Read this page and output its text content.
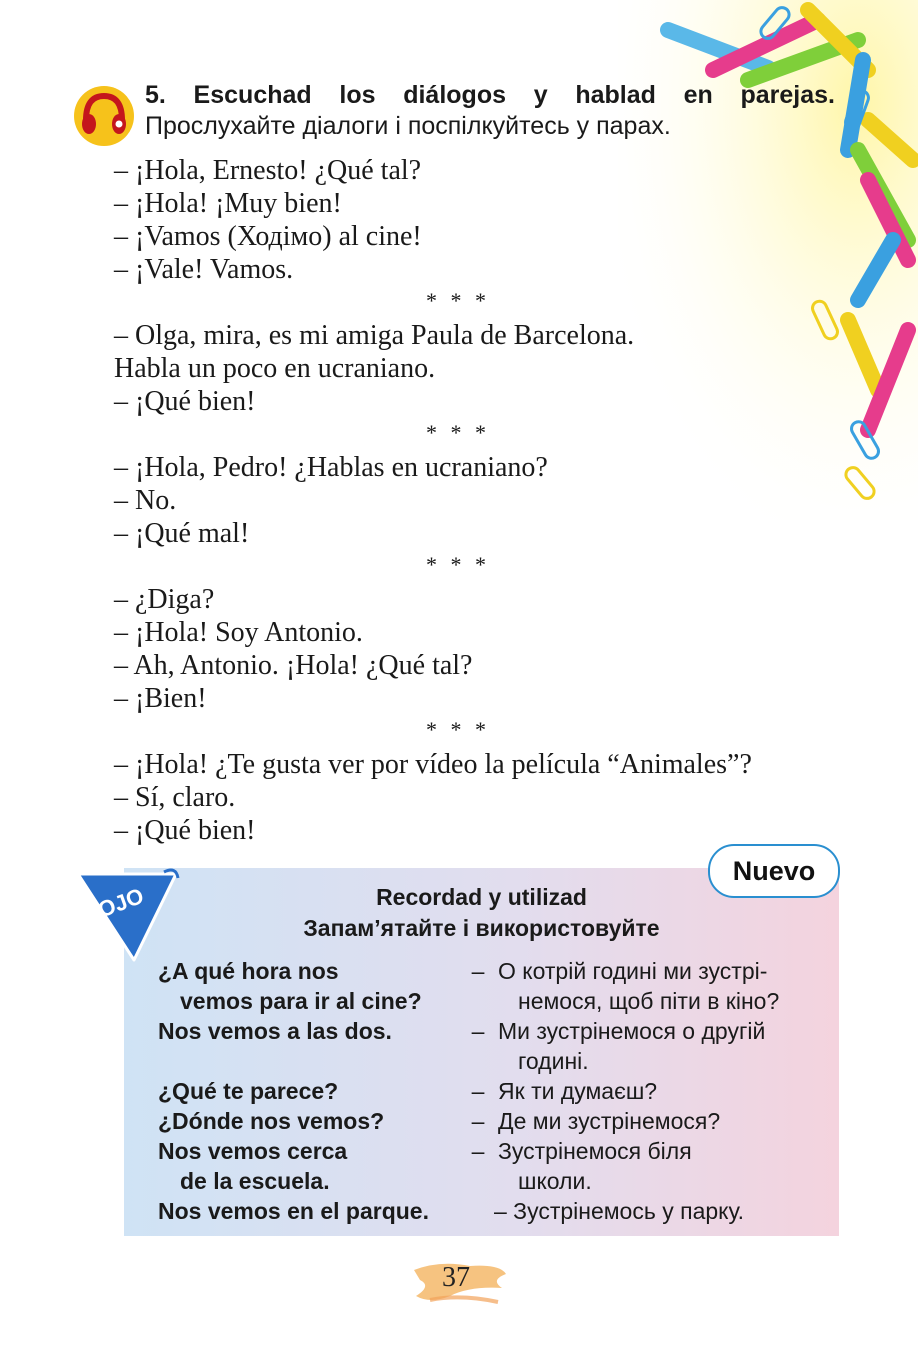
5. Escuchad los diálogos y hablad en parejas. Прослухайте діалоги і поспілкуйтесь у парах.
– ¡Hola, Ernesto! ¿Qué tal?
– ¡Hola! ¡Muy bien!
– ¡Vamos (Ходімо) al cine!
– ¡Vale! Vamos.
* * *
– Olga, mira, es mi amiga Paula de Barcelona.
Habla un poco en ucraniano.
– ¡Qué bien!
* * *
– ¡Hola, Pedro! ¿Hablas en ucraniano?
– No.
– ¡Qué mal!
* * *
– ¿Diga?
– ¡Hola! Soy Antonio.
– Ah, Antonio. ¡Hola! ¿Qué tal?
– ¡Bien!
* * *
– ¡Hola! ¿Te gusta ver por vídeo la película “Animales”?
– Sí, claro.
– ¡Qué bien!
OJO
Nuevo
Recordad y utilizad
Запам’ятайте і використовуйте
¿A qué hora nos
vemos para ir al cine?
– О котрій годині ми зустрі-
немося, щоб піти в кіно?
Nos vemos a las dos.	– Ми зустрінемося о другій
годині.
¿Qué te parece?	– Як ти думаєш?
¿Dónde nos vemos?	– Де ми зустрінемося?
Nos vemos cerca
de la escuela.
– Зустрінемося біля
школи.
Nos vemos en el parque.	– Зустрінемось у парку.
37
